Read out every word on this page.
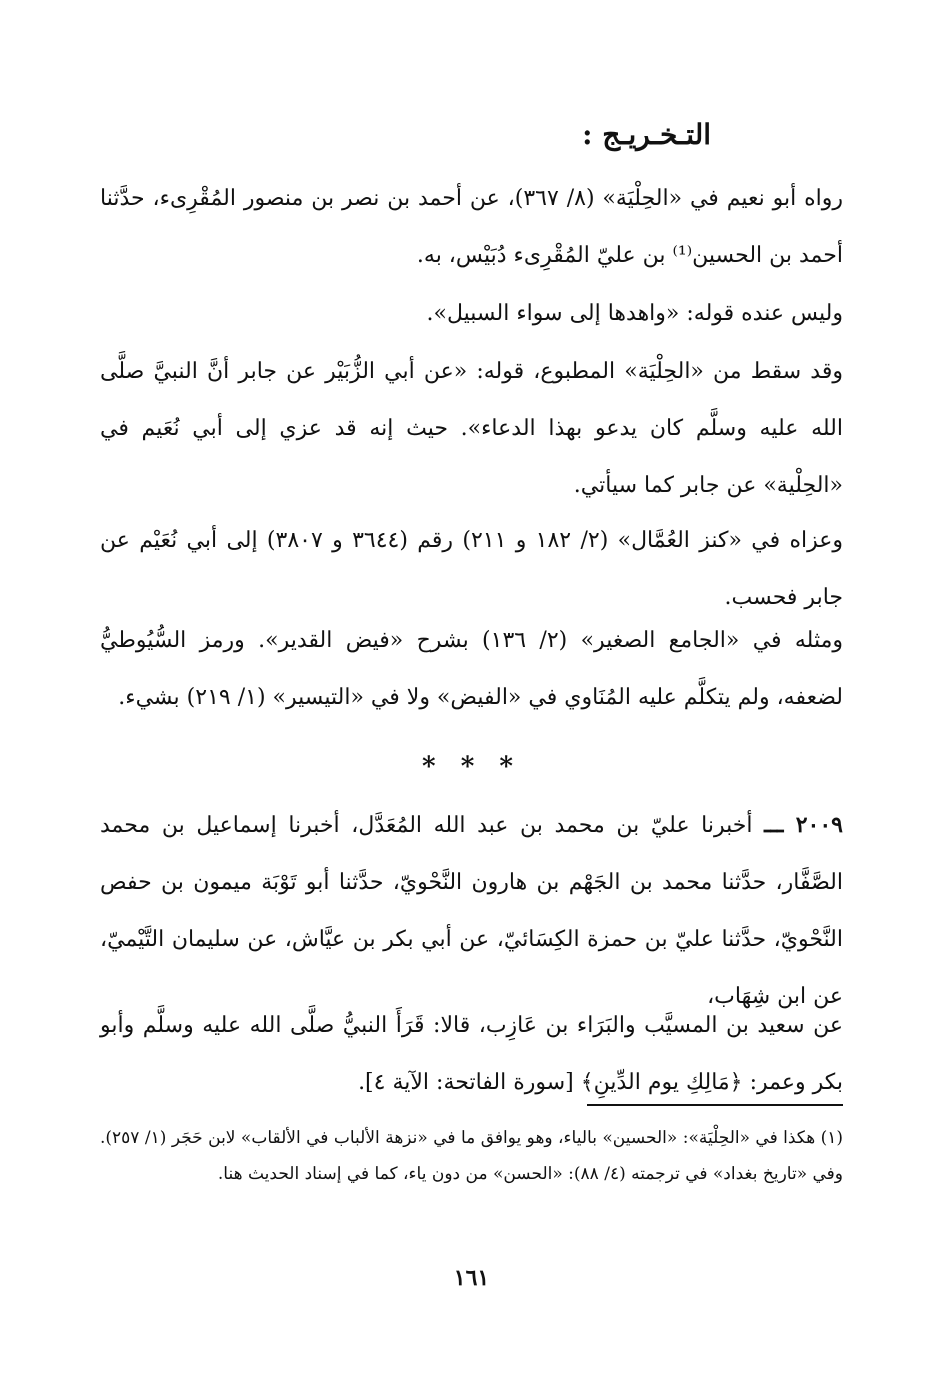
التـخـريـج :
رواه أبو نعيم في «الحِلْيَة» (٨/ ٣٦٧)، عن أحمد بن نصر بن منصور المُقْرِىء، حدَّثنا أحمد بن الحسين⁽¹⁾ بن عليّ المُقْرِىء دُبَيْس، به.
وليس عنده قوله: «واهدها إلى سواء السبيل».
وقد سقط من «الحِلْيَة» المطبوع، قوله: «عن أبي الزُّبَيْر عن جابر أنَّ النبيَّ صلَّى الله عليه وسلَّم كان يدعو بهذا الدعاء». حيث إنه قد عزي إلى أبي نُعَيم في «الحِلْية» عن جابر كما سيأتي.
وعزاه في «كنز العُمَّال» (٢/ ١٨٢ و ٢١١) رقم (٣٦٤٤ و ٣٨٠٧) إلى أبي نُعَيْم عن جابر فحسب.
ومثله في «الجامع الصغير» (٢/ ١٣٦) بشرح «فيض القدير». ورمز السُّيُوطيُّ لضعفه، ولم يتكلَّم عليه المُنَاوي في «الفيض» ولا في «التيسير» (١/ ٢١٩) بشيء.
* * *
٢٠٠٩ ـــ أخبرنا عليّ بن محمد بن عبد الله المُعَدَّل، أخبرنا إسماعيل بن محمد الصَّفَّار، حدَّثنا محمد بن الجَهْم بن هارون النَّحْويّ، حدَّثنا أبو تَوْبَة ميمون بن حفص النَّحْويّ، حدَّثنا عليّ بن حمزة الكِسَائيّ، عن أبي بكر بن عيَّاش، عن سليمان التَّيْميّ، عن ابن شِهَاب،
عن سعيد بن المسيَّب والبَرَاء بن عَازِب، قالا: قَرَأَ النبيُّ صلَّى الله عليه وسلَّم وأبو بكر وعمر: ﴿مَالِكِ يوم الدِّينِ﴾ [سورة الفاتحة: الآية ٤].
(١) هكذا في «الحِلْيَة»: «الحسين» بالياء، وهو يوافق ما في «نزهة الألباب في الألقاب» لابن حَجَر (١/ ٢٥٧). وفي «تاريخ بغداد» في ترجمته (٤/ ٨٨): «الحسن» من دون ياء، كما في إسناد الحديث هنا.
١٦١
